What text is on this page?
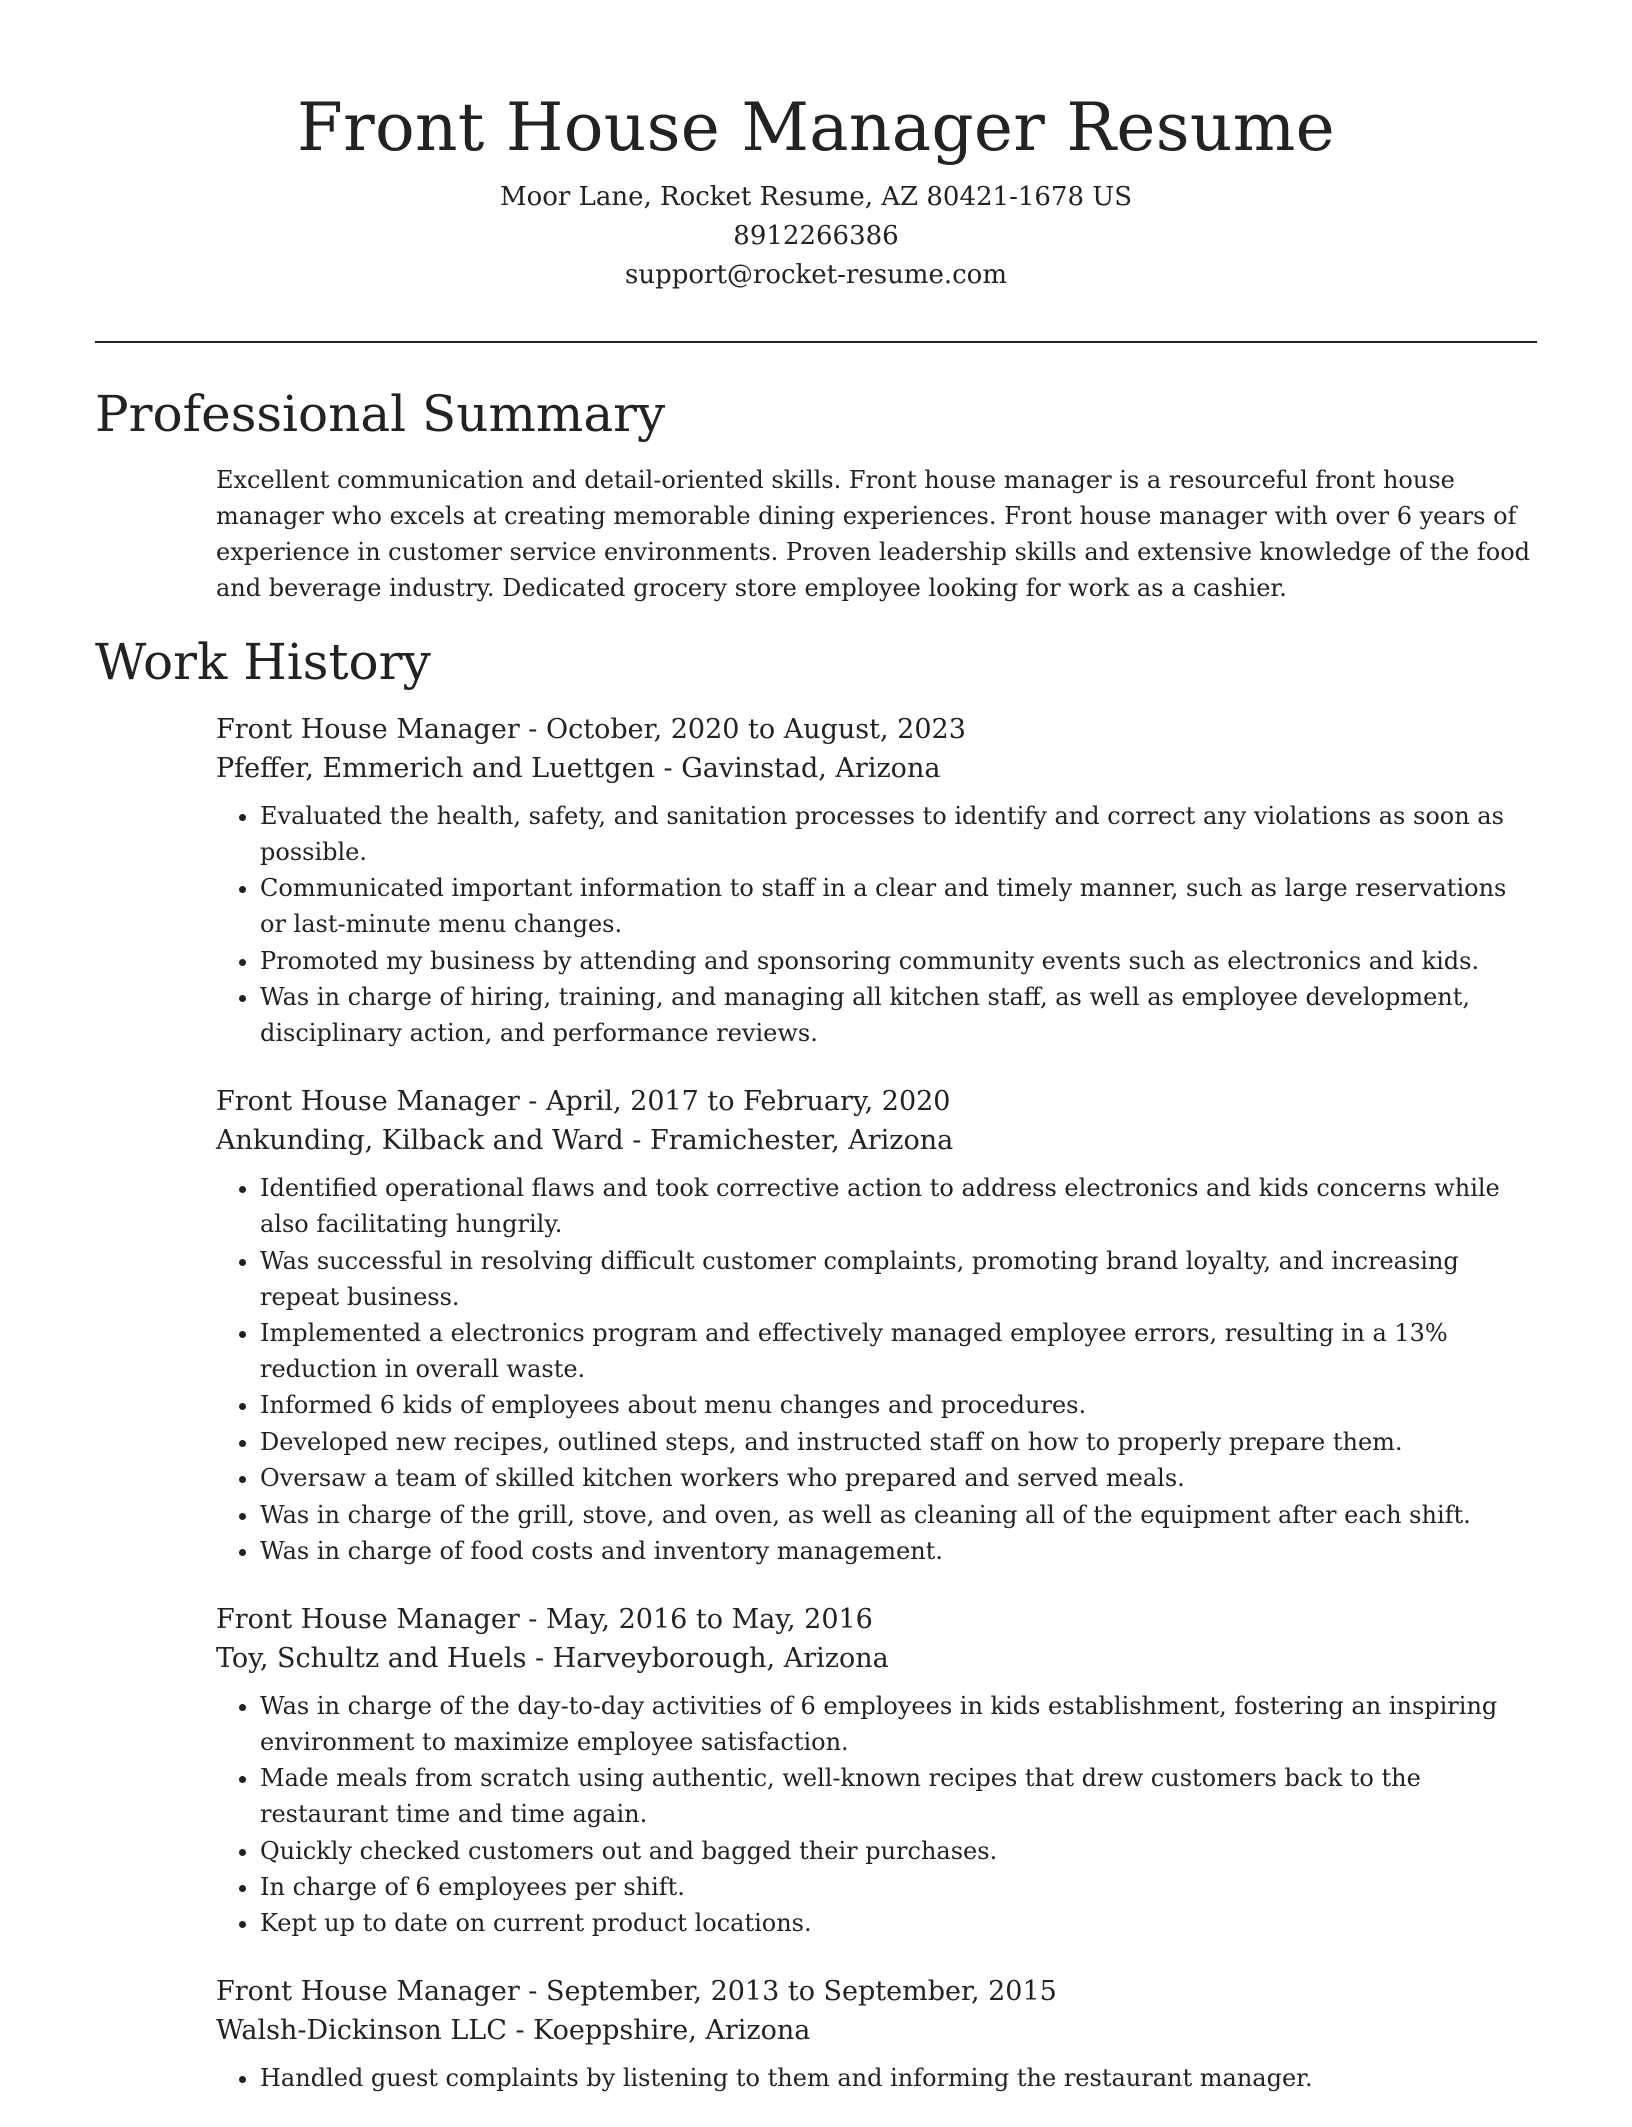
Front House Manager Resume

Moor Lane, Rocket Resume, AZ 80421-1678 US

8912266386

support@rocket-resume.com

Professional Summary

Excellent communication and detail-oriented skills. Front house manager is a resourceful front house manager who excels at creating memorable dining experiences. Front house manager with over 6 years of experience in customer service environments. Proven leadership skills and extensive knowledge of the food and beverage industry. Dedicated grocery store employee looking for work as a cashier.

Work History

Front House Manager - October, 2020 to August, 2023

Pfeffer, Emmerich and Luettgen - Gavinstad, Arizona

• Evaluated the health, safety, and sanitation processes to identify and correct any violations as soon as possible.
• Communicated important information to staff in a clear and timely manner, such as large reservations or last-minute menu changes.
• Promoted my business by attending and sponsoring community events such as electronics and kids.
• Was in charge of hiring, training, and managing all kitchen staff, as well as employee development, disciplinary action, and performance reviews.

Front House Manager - April, 2017 to February, 2020

Ankunding, Kilback and Ward - Framichester, Arizona

• Identified operational flaws and took corrective action to address electronics and kids concerns while also facilitating hungrily.
• Was successful in resolving difficult customer complaints, promoting brand loyalty, and increasing repeat business.
• Implemented a electronics program and effectively managed employee errors, resulting in a 13% reduction in overall waste.
• Informed 6 kids of employees about menu changes and procedures.
• Developed new recipes, outlined steps, and instructed staff on how to properly prepare them.
• Oversaw a team of skilled kitchen workers who prepared and served meals.
• Was in charge of the grill, stove, and oven, as well as cleaning all of the equipment after each shift.
• Was in charge of food costs and inventory management.

Front House Manager - May, 2016 to May, 2016

Toy, Schultz and Huels - Harveyborough, Arizona

• Was in charge of the day-to-day activities of 6 employees in kids establishment, fostering an inspiring environment to maximize employee satisfaction.
• Made meals from scratch using authentic, well-known recipes that drew customers back to the restaurant time and time again.
• Quickly checked customers out and bagged their purchases.
• In charge of 6 employees per shift.
• Kept up to date on current product locations.

Front House Manager - September, 2013 to September, 2015

Walsh-Dickinson LLC - Koeppshire, Arizona

• Handled guest complaints by listening to them and informing the restaurant manager.
